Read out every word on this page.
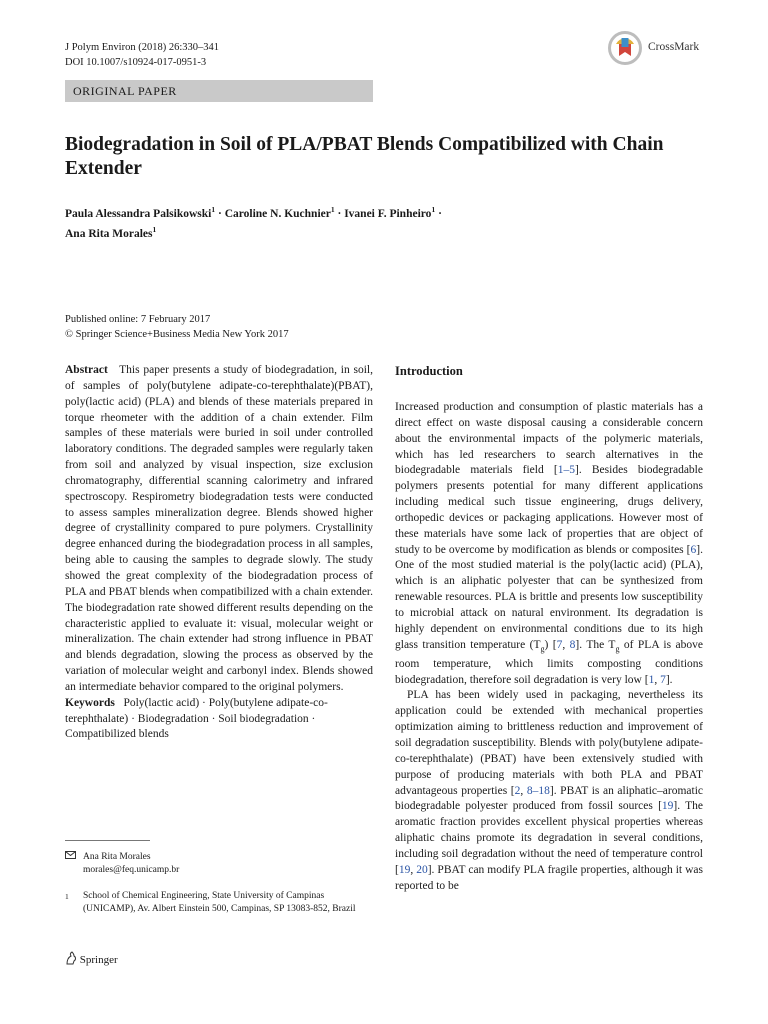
J Polym Environ (2018) 26:330–341
DOI 10.1007/s10924-017-0951-3
CrossMark
ORIGINAL PAPER
Biodegradation in Soil of PLA/PBAT Blends Compatibilized with Chain Extender
Paula Alessandra Palsikowski$^1$ · Caroline N. Kuchnier$^1$ · Ivanei F. Pinheiro$^1$ ·
Ana Rita Morales$^1$
Published online: 7 February 2017
© Springer Science+Business Media New York 2017

Abstract This paper presents a study of biodegradation, in soil, of samples of poly(butylene adipate-co-terephthalate)(PBAT), poly(lactic acid) (PLA) and blends of these materials prepared in torque rheometer with the addition of a chain extender. Film samples of these materials were buried in soil under controlled laboratory conditions. The degraded samples were regularly taken from soil and analyzed by visual inspection, size exclusion chromatography, differential scanning calorimetry and infrared spectroscopy. Respirometry biodegradation tests were conducted to assess samples mineralization degree. Blends showed higher degree of crystallinity compared to pure polymers. Crystallinity degree enhanced during the biodegradation process in all samples, being able to causing the samples to degrade slowly. The study showed the great complexity of the biodegradation process of PLA and PBAT blends when compatibilized with a chain extender. The biodegradation rate showed different results depending on the characteristic applied to evaluate it: visual, molecular weight or mineralization. The chain extender had strong influence in PBAT and blends degradation, slowing the process as observed by the variation of molecular weight and carbonyl index. Blends showed an intermediate behavior compared to the original polymers.

Keywords Poly(lactic acid) · Poly(butylene adipate-co-terephthalate) · Biodegradation · Soil biodegradation · Compatibilized blends

Introduction

Increased production and consumption of plastic materials has a direct effect on waste disposal causing a considerable concern about the environmental impacts of the polymeric materials, which has led researchers to search alternatives in the biodegradable materials field [1–5]. Besides biodegradable polymers presents potential for many different applications including medical such tissue engineering, drugs delivery, orthopedic devices or packaging applications. However most of these materials have some lack of properties that are object of study to be overcome by modification as blends or composites [6]. One of the most studied material is the poly(lactic acid) (PLA), which is an aliphatic polyester that can be synthesized from renewable resources. PLA is brittle and presents low susceptibility to microbial attack on natural environment. Its degradation is highly dependent on environmental conditions due to its high glass transition temperature $(T_g)$ [7, 8]. The $T_g$ of PLA is above room temperature, which limits composting conditions biodegradation, therefore soil degradation is very low [1, 7].

PLA has been widely used in packaging, nevertheless its application could be extended with mechanical properties optimization aiming to brittleness reduction and improvement of soil degradation susceptibility. Blends with poly(butylene adipate-co-terephthalate) (PBAT) have been extensively studied with purpose of producing materials with both PLA and PBAT advantageous properties [2, 8–18]. PBAT is an aliphatic–aromatic biodegradable polyester produced from fossil sources [19]. The aromatic fraction provides excellent physical properties whereas aliphatic chains promote its degradation in several conditions, including soil degradation without the need of temperature control [19, 20]. PBAT can modify PLA fragile properties, although it was reported to be

Ana Rita Morales
morales@feq.unicamp.br
1 School of Chemical Engineering, State University of Campinas (UNICAMP), Av. Albert Einstein 500, Campinas, SP 13083-852, Brazil
Springer
